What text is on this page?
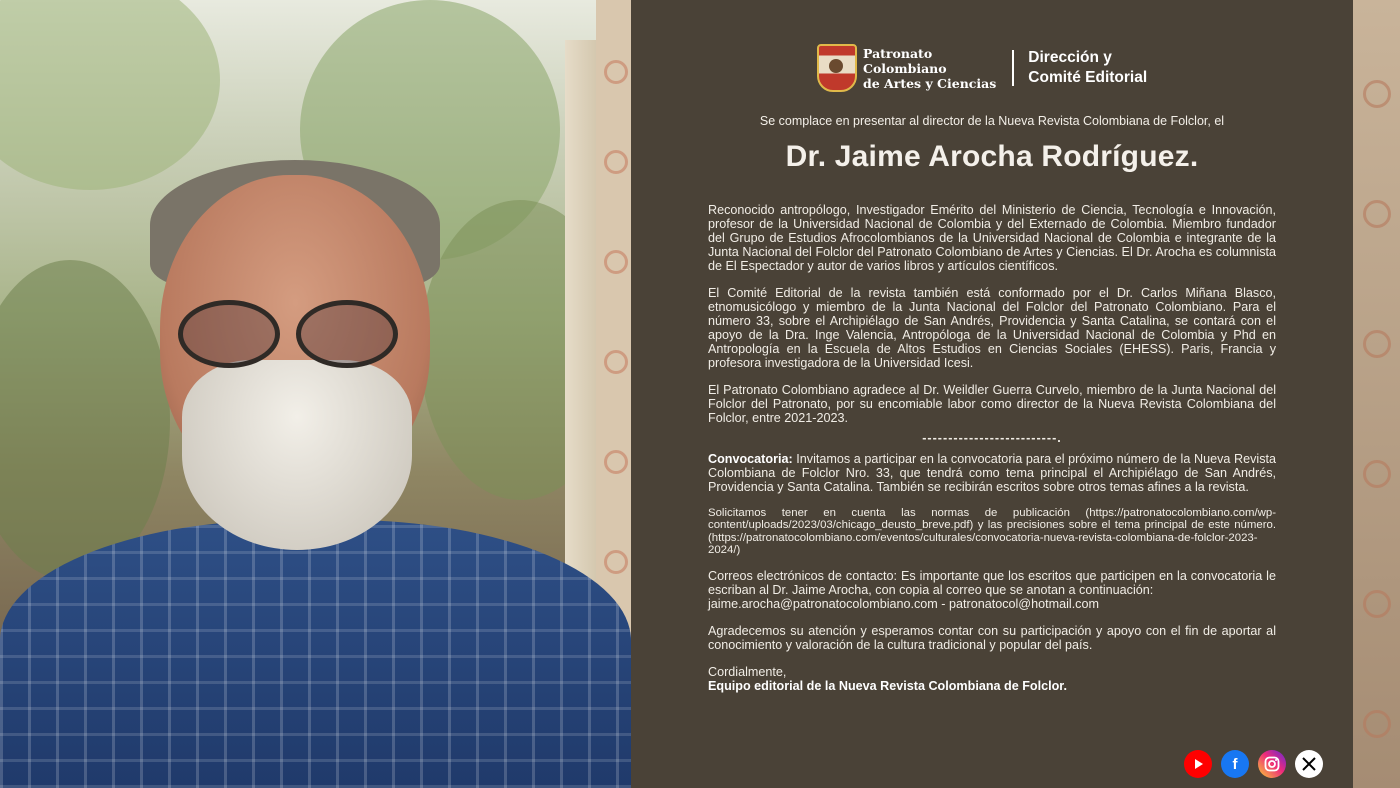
Patronato
Colombiano
de Artes y Ciencias
Dirección y
Comité Editorial
Se complace en presentar al director de la Nueva Revista Colombiana de Folclor, el
Dr. Jaime Arocha Rodríguez.

Reconocido antropólogo, Investigador Emérito del Ministerio de Ciencia, Tecnología e Innovación, profesor de la Universidad Nacional de Colombia y del Externado de Colombia. Miembro fundador del Grupo de Estudios Afrocolombianos de la Universidad Nacional de Colombia e integrante de la Junta Nacional del Folclor del Patronato Colombiano de Artes y Ciencias. El Dr. Arocha es columnista de El Espectador y autor de varios libros y artículos científicos.

El Comité Editorial de la revista también está conformado por el Dr. Carlos Miñana Blasco, etnomusicólogo y miembro de la Junta Nacional del Folclor del Patronato Colombiano. Para el número 33, sobre el Archipiélago de San Andrés, Providencia y Santa Catalina, se contará con el apoyo de la Dra. Inge Valencia, Antropóloga de la Universidad Nacional de Colombia y Phd en Antropología en la Escuela de Altos Estudios en Ciencias Sociales (EHESS). Paris, Francia y profesora investigadora de la Universidad Icesi.

El Patronato Colombiano agradece al Dr. Weildler Guerra Curvelo, miembro de la Junta Nacional del Folclor del Patronato, por su encomiable labor como director de la Nueva Revista Colombiana del Folclor, entre 2021-2023.

--------------------------.

Convocatoria: Invitamos a participar en la convocatoria para el próximo número de la Nueva Revista Colombiana de Folclor Nro. 33, que tendrá como tema principal el Archipiélago de San Andrés, Providencia y Santa Catalina. También se recibirán escritos sobre otros temas afines a la revista.

Solicitamos tener en cuenta las normas de publicación (https://patronatocolombiano.com/wp-content/uploads/2023/03/chicago_deusto_breve.pdf) y las precisiones sobre el tema principal de este número. (https://patronatocolombiano.com/eventos/culturales/convocatoria-nueva-revista-colombiana-de-folclor-2023-2024/)

Correos electrónicos de contacto: Es importante que los escritos que participen en la convocatoria le escriban al Dr. Jaime Arocha, con copia al correo que se anotan a continuación:
jaime.arocha@patronatocolombiano.com - patronatocol@hotmail.com

Agradecemos su atención y esperamos contar con su participación y apoyo con el fin de aportar al conocimiento y valoración de la cultura tradicional y popular del país.

Cordialmente,
Equipo editorial de la Nueva Revista Colombiana de Folclor.

f
